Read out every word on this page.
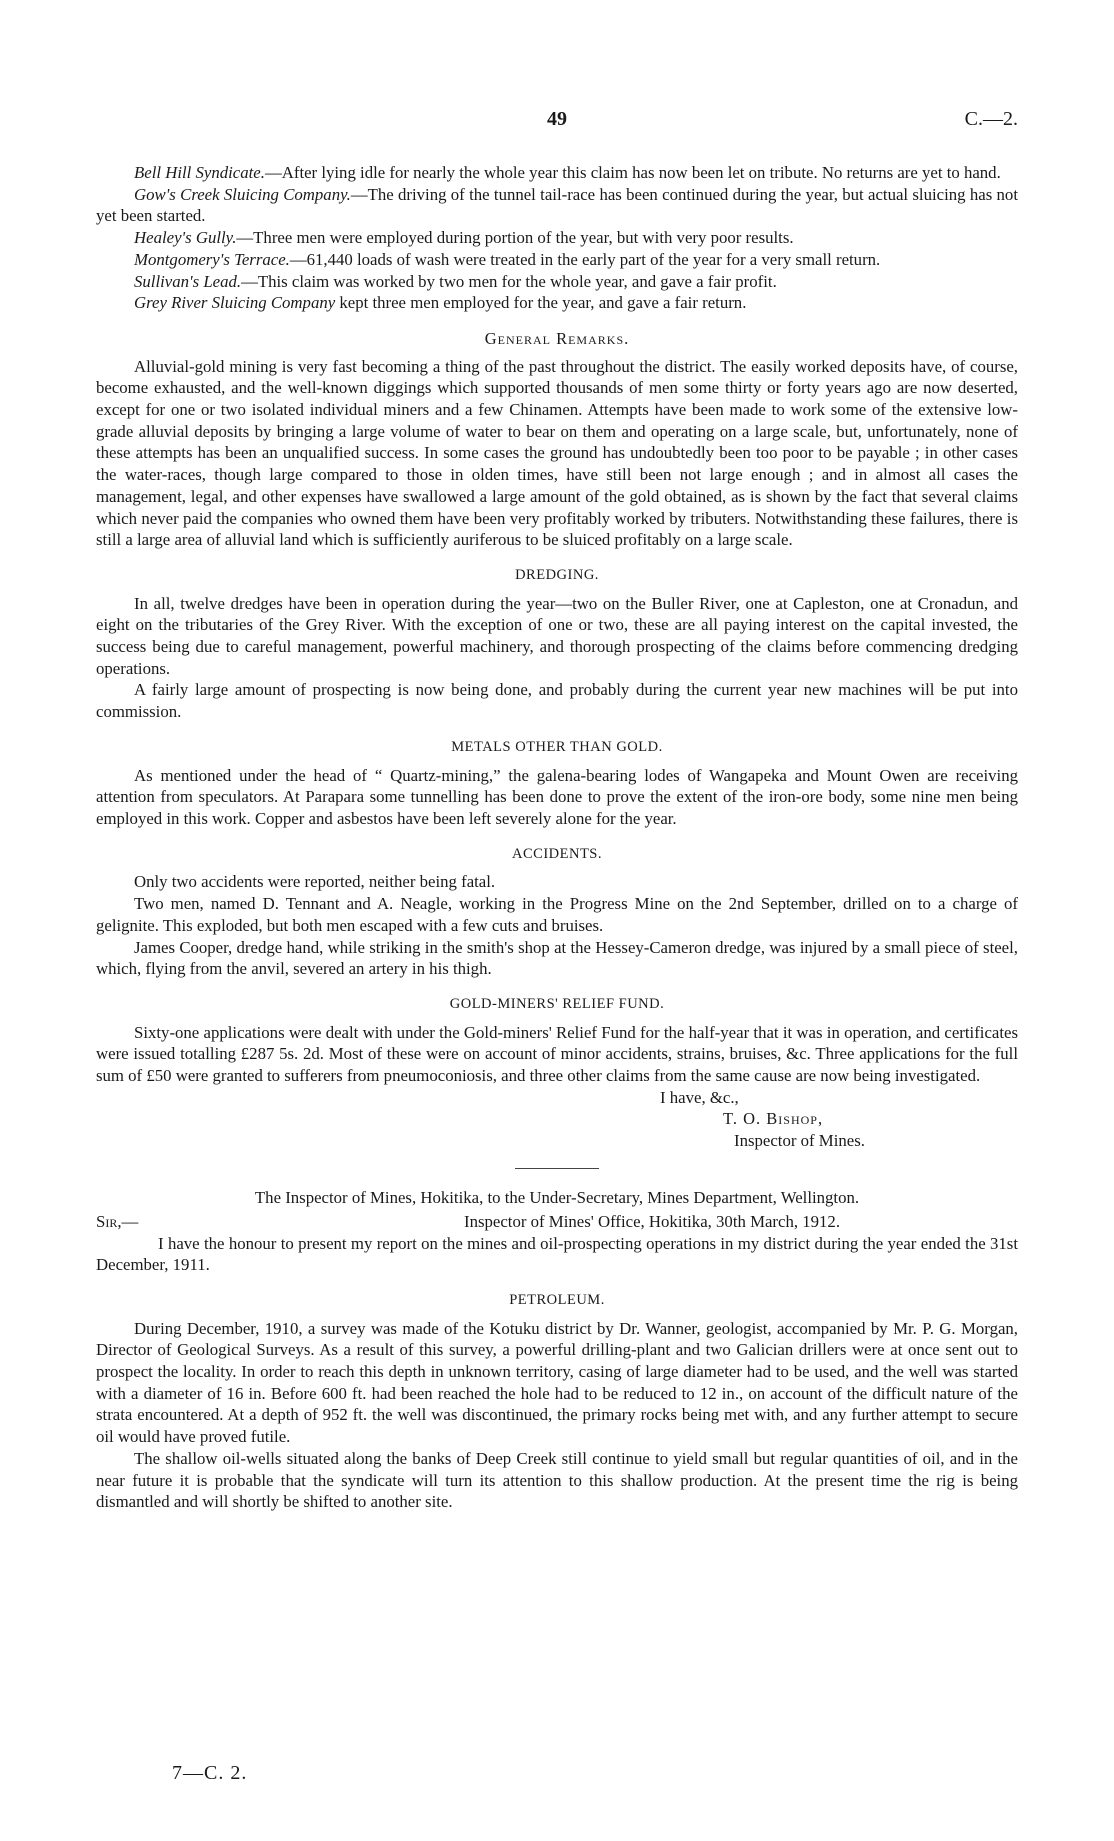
49	C.—2.

Bell Hill Syndicate.—After lying idle for nearly the whole year this claim has now been let on tribute. No returns are yet to hand.

Gow's Creek Sluicing Company.—The driving of the tunnel tail-race has been continued during the year, but actual sluicing has not yet been started.

Healey's Gully.—Three men were employed during portion of the year, but with very poor results.

Montgomery's Terrace.—61,440 loads of wash were treated in the early part of the year for a very small return.

Sullivan's Lead.—This claim was worked by two men for the whole year, and gave a fair profit.

Grey River Sluicing Company kept three men employed for the year, and gave a fair return.

General Remarks.

Alluvial-gold mining is very fast becoming a thing of the past throughout the district. The easily worked deposits have, of course, become exhausted, and the well-known diggings which supported thousands of men some thirty or forty years ago are now deserted, except for one or two isolated individual miners and a few Chinamen. Attempts have been made to work some of the extensive low-grade alluvial deposits by bringing a large volume of water to bear on them and operating on a large scale, but, unfortunately, none of these attempts has been an unqualified success. In some cases the ground has undoubtedly been too poor to be payable ; in other cases the water-races, though large compared to those in olden times, have still been not large enough ; and in almost all cases the management, legal, and other expenses have swallowed a large amount of the gold obtained, as is shown by the fact that several claims which never paid the companies who owned them have been very profitably worked by tributers. Notwithstanding these failures, there is still a large area of alluvial land which is sufficiently auriferous to be sluiced profitably on a large scale.

DREDGING.

In all, twelve dredges have been in operation during the year—two on the Buller River, one at Capleston, one at Cronadun, and eight on the tributaries of the Grey River. With the exception of one or two, these are all paying interest on the capital invested, the success being due to careful management, powerful machinery, and thorough prospecting of the claims before commencing dredging operations.

A fairly large amount of prospecting is now being done, and probably during the current year new machines will be put into commission.

METALS OTHER THAN GOLD.

As mentioned under the head of “ Quartz-mining,” the galena-bearing lodes of Wangapeka and Mount Owen are receiving attention from speculators. At Parapara some tunnelling has been done to prove the extent of the iron-ore body, some nine men being employed in this work. Copper and asbestos have been left severely alone for the year.

ACCIDENTS.

Only two accidents were reported, neither being fatal.

Two men, named D. Tennant and A. Neagle, working in the Progress Mine on the 2nd September, drilled on to a charge of gelignite. This exploded, but both men escaped with a few cuts and bruises.

James Cooper, dredge hand, while striking in the smith's shop at the Hessey-Cameron dredge, was injured by a small piece of steel, which, flying from the anvil, severed an artery in his thigh.

GOLD-MINERS' RELIEF FUND.

Sixty-one applications were dealt with under the Gold-miners' Relief Fund for the half-year that it was in operation, and certificates were issued totalling £287 5s. 2d. Most of these were on account of minor accidents, strains, bruises, &c. Three applications for the full sum of £50 were granted to sufferers from pneumoconiosis, and three other claims from the same cause are now being investigated.

I have, &c.,
T. O. Bishop,
Inspector of Mines.

The Inspector of Mines, Hokitika, to the Under-Secretary, Mines Department, Wellington.

Sir,—	Inspector of Mines' Office, Hokitika, 30th March, 1912.

I have the honour to present my report on the mines and oil-prospecting operations in my district during the year ended the 31st December, 1911.

PETROLEUM.

During December, 1910, a survey was made of the Kotuku district by Dr. Wanner, geologist, accompanied by Mr. P. G. Morgan, Director of Geological Surveys. As a result of this survey, a powerful drilling-plant and two Galician drillers were at once sent out to prospect the locality. In order to reach this depth in unknown territory, casing of large diameter had to be used, and the well was started with a diameter of 16 in. Before 600 ft. had been reached the hole had to be reduced to 12 in., on account of the difficult nature of the strata encountered. At a depth of 952 ft. the well was discontinued, the primary rocks being met with, and any further attempt to secure oil would have proved futile.

The shallow oil-wells situated along the banks of Deep Creek still continue to yield small but regular quantities of oil, and in the near future it is probable that the syndicate will turn its attention to this shallow production. At the present time the rig is being dismantled and will shortly be shifted to another site.

7—C. 2.
